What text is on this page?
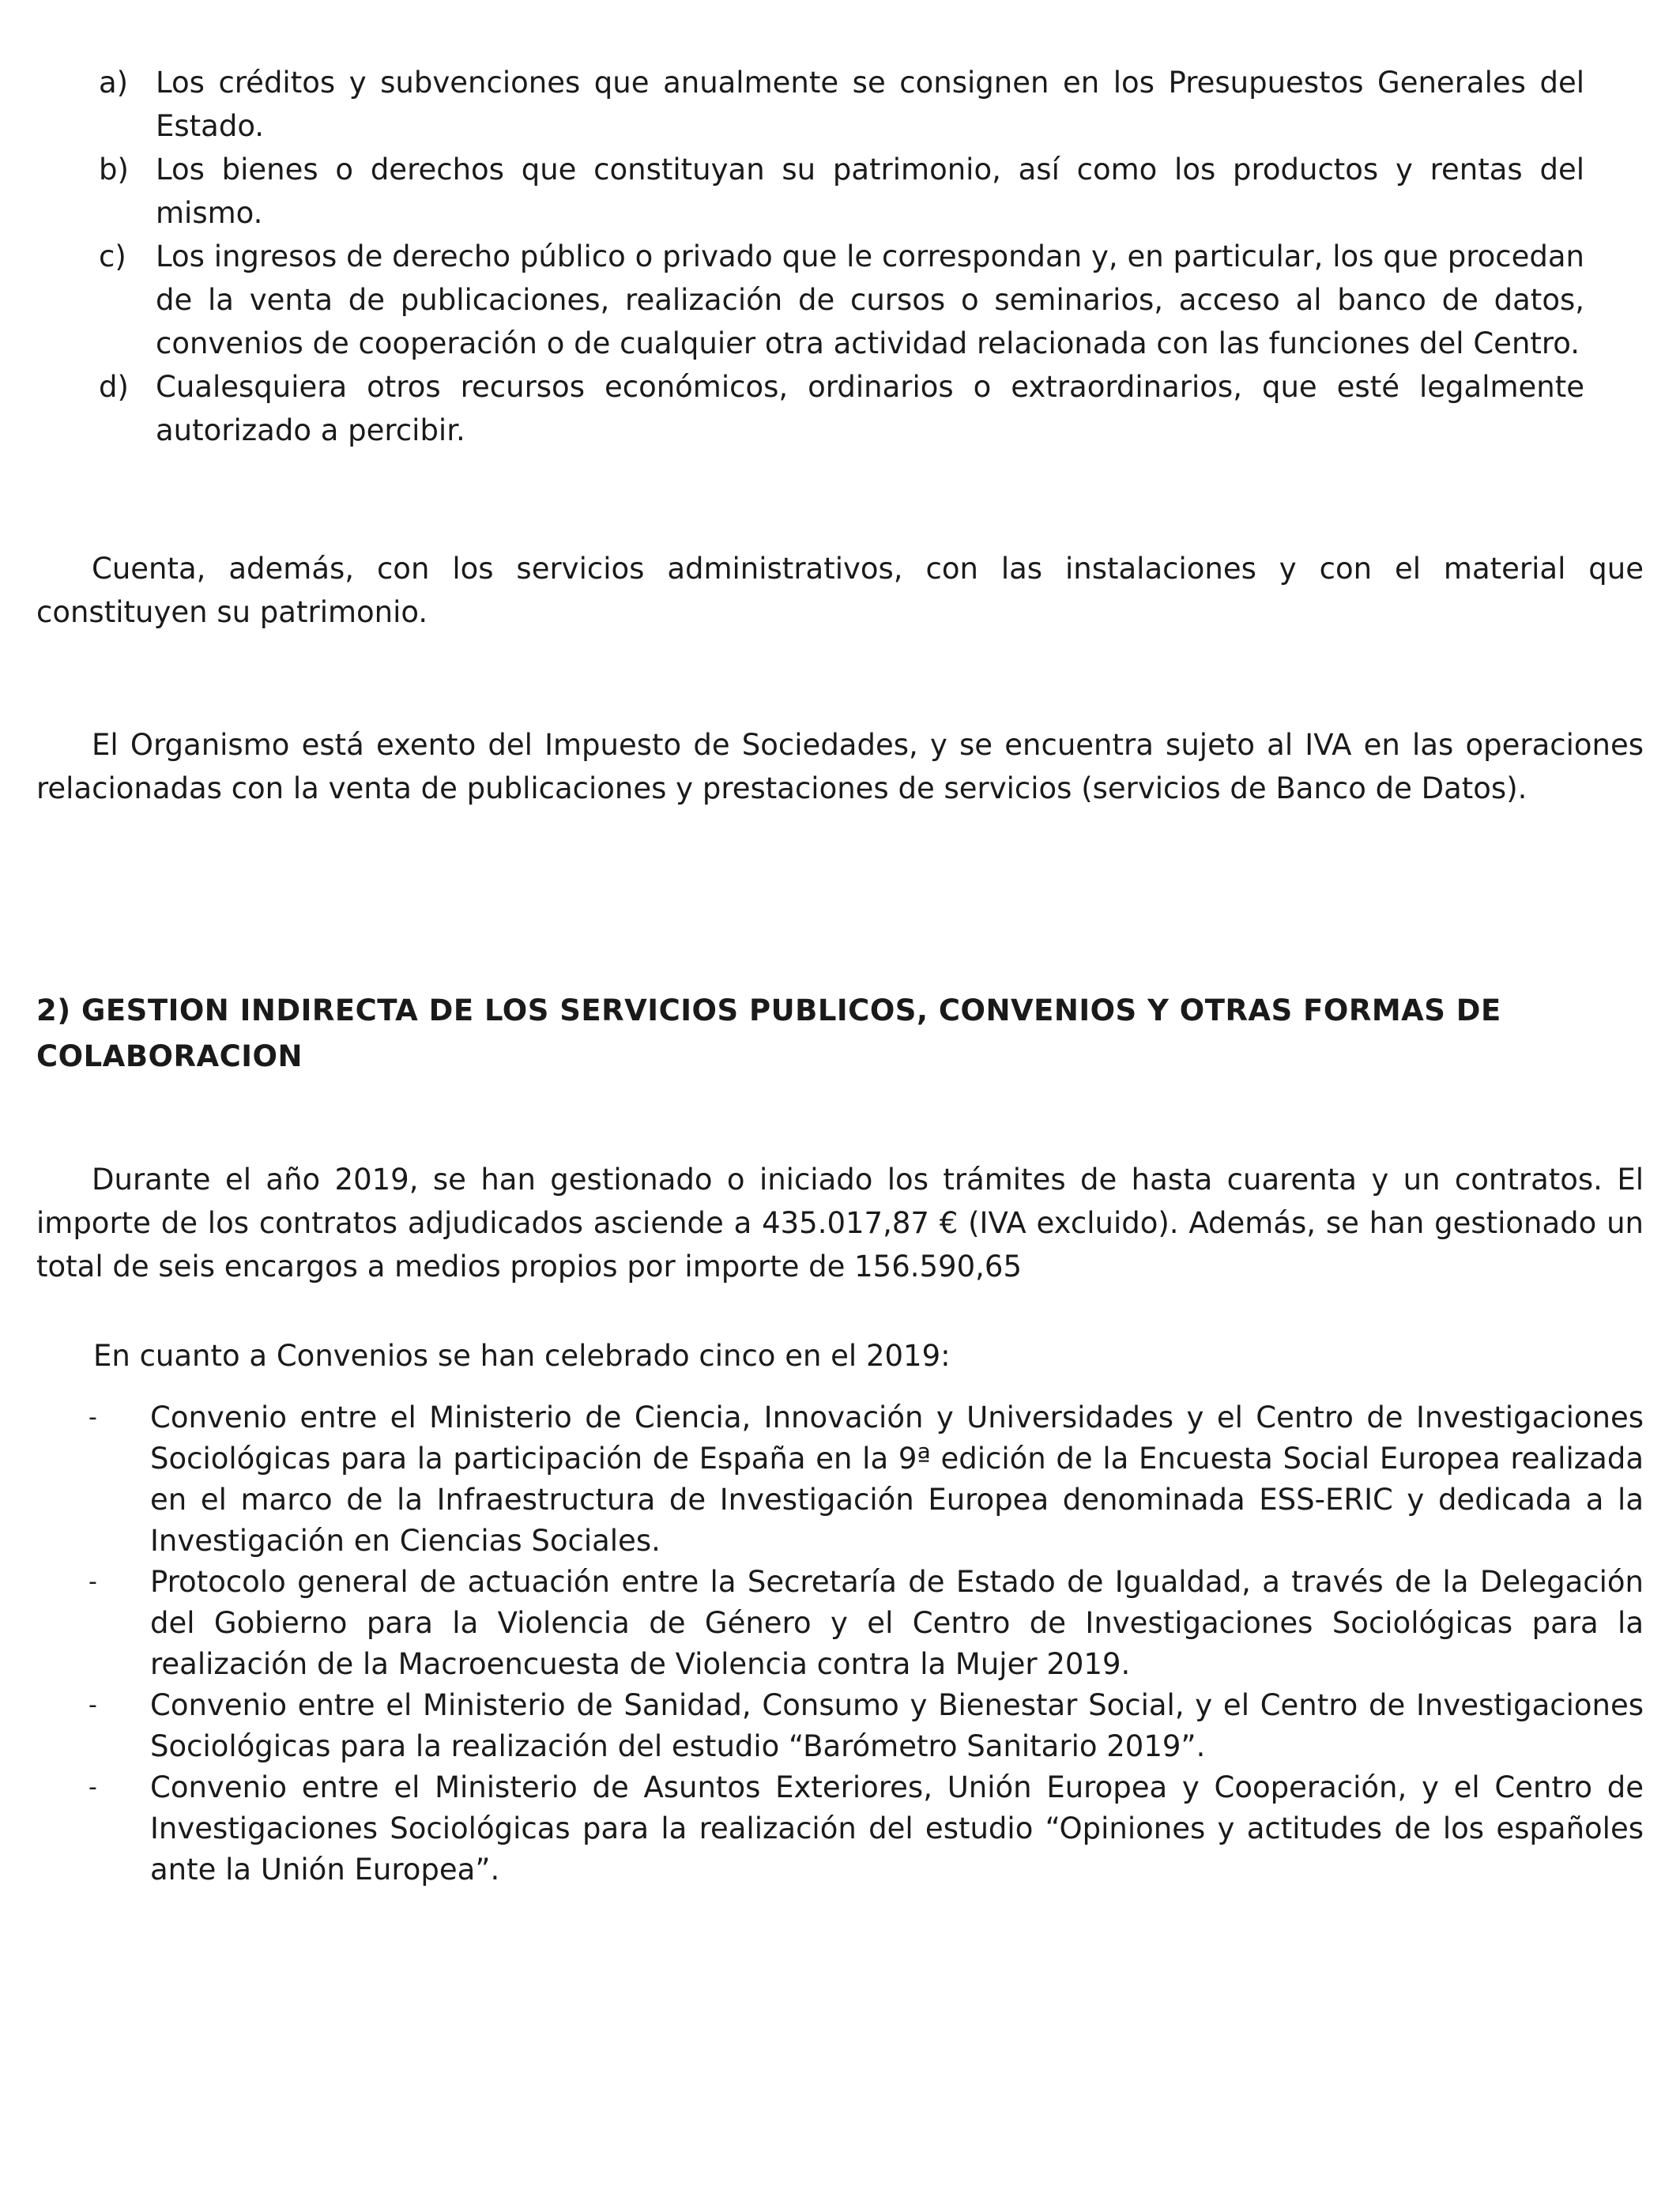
a) Los créditos y subvenciones que anualmente se consignen en los Presupuestos Generales del Estado.
b) Los bienes o derechos que constituyan su patrimonio, así como los productos y rentas del mismo.
c) Los ingresos de derecho público o privado que le correspondan y, en particular, los que procedan de la venta de publicaciones, realización de cursos o seminarios, acceso al banco de datos, convenios de cooperación o de cualquier otra actividad relacionada con las funciones del Centro.
d) Cualesquiera otros recursos económicos, ordinarios o extraordinarios, que esté legalmente autorizado a percibir.

Cuenta, además, con los servicios administrativos, con las instalaciones y con el material que constituyen su patrimonio.

El Organismo está exento del Impuesto de Sociedades, y se encuentra sujeto al IVA en las operaciones relacionadas con la venta de publicaciones y prestaciones de servicios (servicios de Banco de Datos).

2) GESTION INDIRECTA DE LOS SERVICIOS PUBLICOS, CONVENIOS Y OTRAS FORMAS DE COLABORACION

Durante el año 2019, se han gestionado o iniciado los trámites de hasta cuarenta y un contratos. El importe de los contratos adjudicados asciende a 435.017,87 € (IVA excluido). Además, se han gestionado un total de seis encargos a medios propios por importe de 156.590,65

En cuanto a Convenios se han celebrado cinco en el 2019:

- Convenio entre el Ministerio de Ciencia, Innovación y Universidades y el Centro de Investigaciones Sociológicas para la participación de España en la 9ª edición de la Encuesta Social Europea realizada en el marco de la Infraestructura de Investigación Europea denominada ESS-ERIC y dedicada a la Investigación en Ciencias Sociales.
- Protocolo general de actuación entre la Secretaría de Estado de Igualdad, a través de la Delegación del Gobierno para la Violencia de Género y el Centro de Investigaciones Sociológicas para la realización de la Macroencuesta de Violencia contra la Mujer 2019.
- Convenio entre el Ministerio de Sanidad, Consumo y Bienestar Social, y el Centro de Investigaciones Sociológicas para la realización del estudio “Barómetro Sanitario 2019”.
- Convenio entre el Ministerio de Asuntos Exteriores, Unión Europea y Cooperación, y el Centro de Investigaciones Sociológicas para la realización del estudio “Opiniones y actitudes de los españoles ante la Unión Europea”.
